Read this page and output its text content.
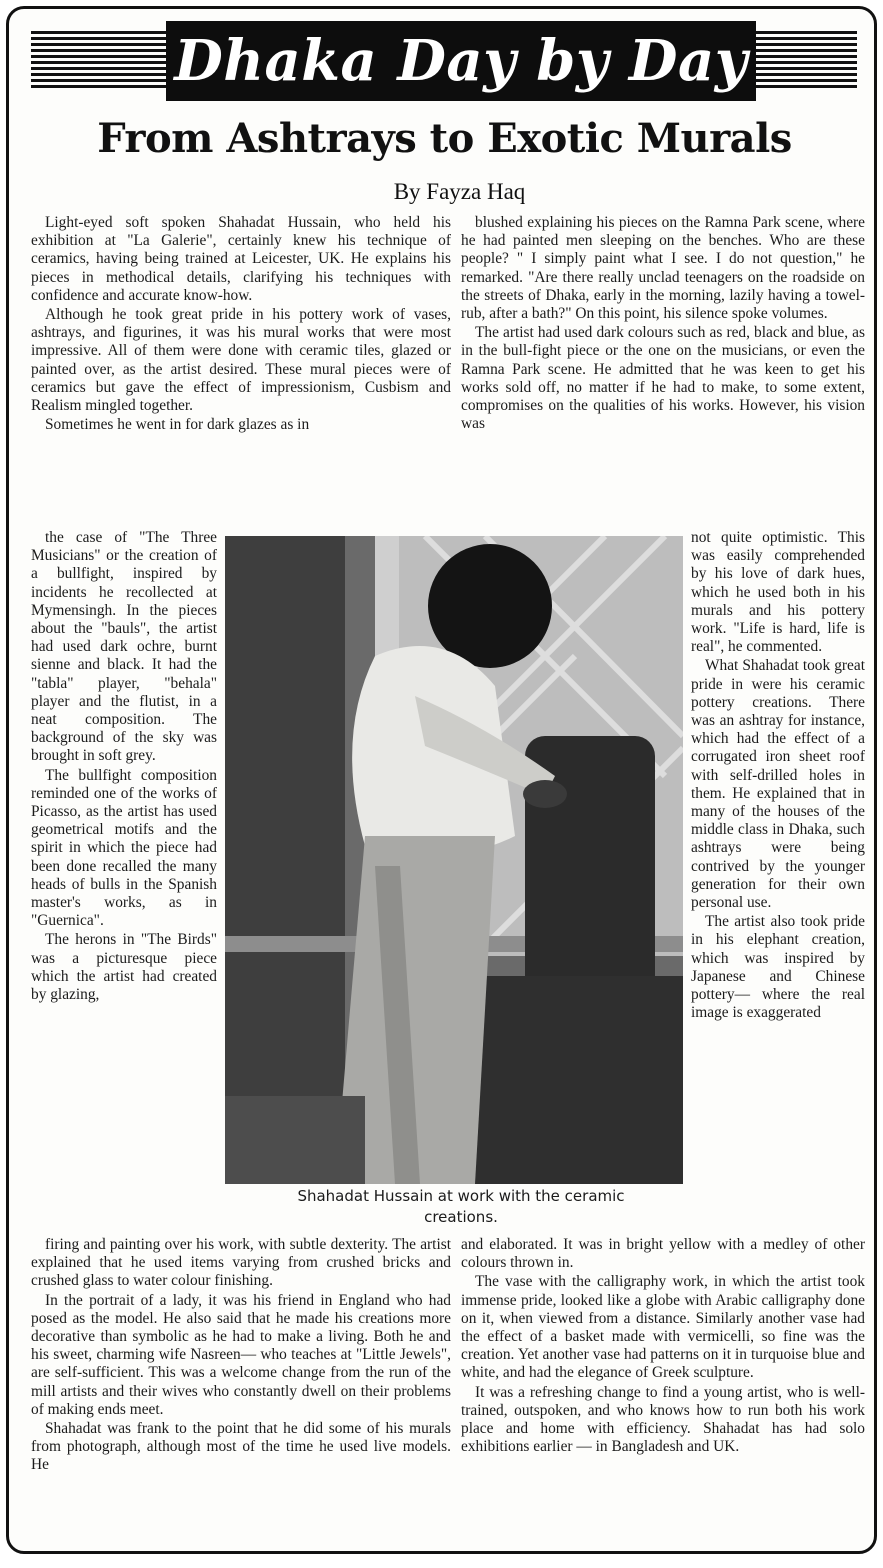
Dhaka Day by Day
From Ashtrays to Exotic Murals
By Fayza Haq

Light-eyed soft spoken Shahadat Hussain, who held his exhibition at "La Galerie", certainly knew his technique of ceramics, having being trained at Leicester, UK. He explains his pieces in methodical details, clarifying his techniques with confidence and accurate know-how.

Although he took great pride in his pottery work of vases, ashtrays, and figurines, it was his mural works that were most impressive. All of them were done with ceramic tiles, glazed or painted over, as the artist desired. These mural pieces were of ceramics but gave the effect of impressionism, Cusbism and Realism mingled together.

Sometimes he went in for dark glazes as in

the case of "The Three Musicians" or the creation of a bullfight, inspired by incidents he recollected at Mymensingh. In the pieces about the "bauls", the artist had used dark ochre, burnt sienne and black. It had the "tabla" player, "behala" player and the flutist, in a neat composition. The background of the sky was brought in soft grey.

The bullfight composition reminded one of the works of Picasso, as the artist has used geometrical motifs and the spirit in which the piece had been done recalled the many heads of bulls in the Spanish master's works, as in "Guernica".

The herons in "The Birds" was a picturesque piece which the artist had created by glazing,

firing and painting over his work, with subtle dexterity. The artist explained that he used items varying from crushed bricks and crushed glass to water colour finishing.

In the portrait of a lady, it was his friend in England who had posed as the model. He also said that he made his creations more decorative than symbolic as he had to make a living. Both he and his sweet, charming wife Nasreen— who teaches at "Little Jewels", are self-sufficient. This was a welcome change from the run of the mill artists and their wives who constantly dwell on their problems of making ends meet.

Shahadat was frank to the point that he did some of his murals from photograph, although most of the time he used live models. He

blushed explaining his pieces on the Ramna Park scene, where he had painted men sleeping on the benches. Who are these people? " I simply paint what I see. I do not question," he remarked. "Are there really unclad teenagers on the roadside on the streets of Dhaka, early in the morning, lazily having a towel-rub, after a bath?" On this point, his silence spoke volumes.

The artist had used dark colours such as red, black and blue, as in the bull-fight piece or the one on the musicians, or even the Ramna Park scene. He admitted that he was keen to get his works sold off, no matter if he had to make, to some extent, compromises on the qualities of his works. However, his vision was

not quite optimistic. This was easily comprehended by his love of dark hues, which he used both in his murals and his pottery work. "Life is hard, life is real", he commented.

What Shahadat took great pride in were his ceramic pottery creations. There was an ashtray for instance, which had the effect of a corrugated iron sheet roof with self-drilled holes in them. He explained that in many of the houses of the middle class in Dhaka, such ashtrays were being contrived by the younger generation for their own personal use.

The artist also took pride in his elephant creation, which was inspired by Japanese and Chinese pottery— where the real image is exaggerated

and elaborated. It was in bright yellow with a medley of other colours thrown in.

The vase with the calligraphy work, in which the artist took immense pride, looked like a globe with Arabic calligraphy done on it, when viewed from a distance. Similarly another vase had the effect of a basket made with vermicelli, so fine was the creation. Yet another vase had patterns on it in turquoise blue and white, and had the elegance of Greek sculpture.

It was a refreshing change to find a young artist, who is well-trained, outspoken, and who knows how to run both his work place and home with efficiency. Shahadat has had solo exhibitions earlier — in Bangladesh and UK.

Shahadat Hussain at work with the ceramic creations.
